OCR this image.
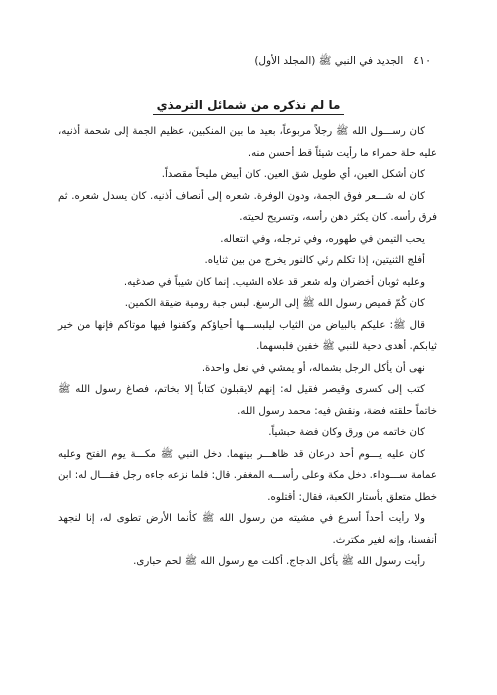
٤١٠
الجديد في النبي ﷺ (المجلد الأول)
ما لم نذكره من شمائل الترمذي

كان رســـول الله ﷺ رجلاً مربوعاً، بعيد ما بين المنكبين، عظيم الجمة إلى شحمة أذنيه، عليه حلة حمراء ما رأيت شيئاً قط أحسن منه.

كان أشكل العين، أي طويل شق العين. كان أبيض مليحاً مقصداً.

كان له شـــعر فوق الجمة، ودون الوفرة. شعره إلى أنصاف أذنيه. كان يسدل شعره. ثم فرق رأسه. كان يكثر دهن رأسه، وتسريح لحيته.

يحب التيمن في طهوره، وفي ترجله، وفي انتعاله.

أفلج الثنيتين، إذا تكلم رئي كالنور يخرج من بين ثناياه.

وعليه ثوبان أخضران وله شعر قد علاه الشيب. إنما كان شيباً في صدغيه.

كان كُمّ قميص رسول الله ﷺ إلى الرسغ. لبس جبة رومية ضيقة الكمين.

قال ﷺ: عليكم بالبياض من الثياب ليلبســـها أحياؤكم وكفنوا فيها موتاكم فإنها من خير ثيابكم. أهدى دحية للنبي ﷺ خفين فلبسهما.

نهى أن يأكل الرجل بشماله، أو يمشي في نعل واحدة.

كتب إلى كسرى وقيصر فقيل له: إنهم لايقبلون كتاباً إلا بخاتم، فصاغ رسول الله ﷺ خاتماً حلقته فضة، ونقش فيه: محمد رسول الله.

كان خاتمه من ورق وكان فضة حبشياً.

كان عليه يـــوم أحد درعان قد ظاهـــر بينهما. دخل النبي ﷺ مكـــة يوم الفتح وعليه عمامة ســـوداء. دخل مكة وعلى رأســـه المغفر. قال: فلما نزعه جاءه رجل فقـــال له: ابن خطل متعلق بأستار الكعبة، فقال: أقتلوه.

ولا رأيت أحداً أسرع في مشيته من رسول الله ﷺ كأنما الأرض تطوى له، إنا لنجهد أنفسنا، وإنه لغير مكترث.

رأيت رسول الله ﷺ يأكل الدجاج. أكلت مع رسول الله ﷺ لحم حبارى.
